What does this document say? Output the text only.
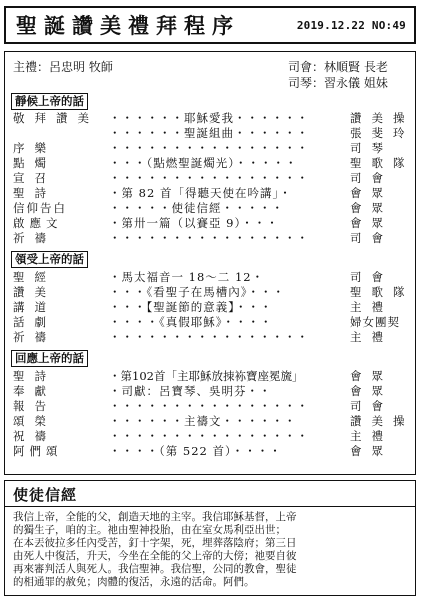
聖誕讚美禮拜程序	2019.12.22 NO:49
主禮：呂忠明 牧師	司會：林順賢 長老
司琴：習永儀 姐妹
靜候上帝的話
敬拜讚美 ・・・・・・耶穌愛我・・・・・・	讚美操
・・・・・・聖誕組曲・・・・・・	張斐玲
序樂	・・・・・・・・・・・・・・・・	司琴
點燭	・・・（點燃聖誕燭光）・・・・・	聖歌隊
宣召	・・・・・・・・・・・・・・・・	司會
聖詩	・第 82 首「得聽天使在吟講」・	會眾
信仰告白	・・・・・使徒信經・・・・・	會眾
啟應文	・第卅一篇（以賽亞 9）・・・	會眾
祈禱	・・・・・・・・・・・・・・・・	司會
領受上帝的話
聖經	・馬太福音一 18～二 12・	司會
讚美	・・・《看聖子在馬槽內》・・・	聖歌隊
講道	・・・【聖誕節的意義】・・・	主禮
話劇	・・・・《真假耶穌》・・・・	婦女團契
祈禱	・・・・・・・・・・・・・・・・	主禮
回應上帝的話
聖詩	・第102首「主耶穌放拺袮寶座冕旒」	會眾
奉獻	・司獻：呂寶琴、吳明芬・・	會眾
報告	・・・・・・・・・・・・・・・・	司會
頌榮	・・・・・・主禱文・・・・・・	讚美操
祝禱	・・・・・・・・・・・・・・・・	主禮
阿們頌	・・・・（第 522 首）・・・・	會眾
使徒信經
我信上帝，全能的父，創造天地的主宰。我信耶穌基督，上帝
的獨生子，咱的主。祂由聖神投胎，由在室女馬利亞出世；
在本丟彼拉多任內受苦，釘十字架，死，埋葬落陰府；第三日
由死人中復活，升天，今坐在全能的父上帝的大傍；祂要自彼
再來審判活人與死人。我信聖神。我信聖，公同的教會，聖徒
的相通罪的赦免；肉體的復活，永遠的活命。阿們。
